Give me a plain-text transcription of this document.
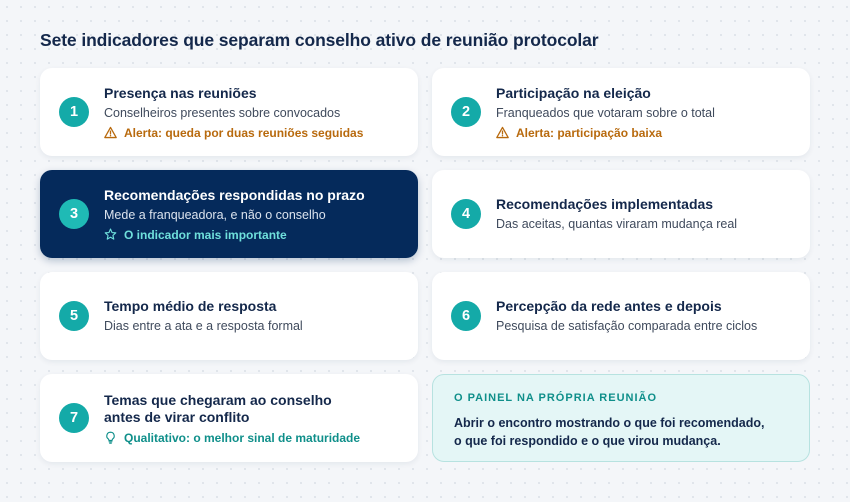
Sete indicadores que separam conselho ativo de reunião protocolar
1
Presença nas reuniões
Conselheiros presentes sobre convocados
Alerta: queda por duas reuniões seguidas
2
Participação na eleição
Franqueados que votaram sobre o total
Alerta: participação baixa
3
Recomendações respondidas no prazo
Mede a franqueadora, e não o conselho
O indicador mais importante
4
Recomendações implementadas
Das aceitas, quantas viraram mudança real
5
Tempo médio de resposta
Dias entre a ata e a resposta formal
6
Percepção da rede antes e depois
Pesquisa de satisfação comparada entre ciclos
7
Temas que chegaram ao conselho
antes de virar conflito
Qualitativo: o melhor sinal de maturidade
O PAINEL NA PRÓPRIA REUNIÃO
Abrir o encontro mostrando o que foi recomendado,
o que foi respondido e o que virou mudança.
